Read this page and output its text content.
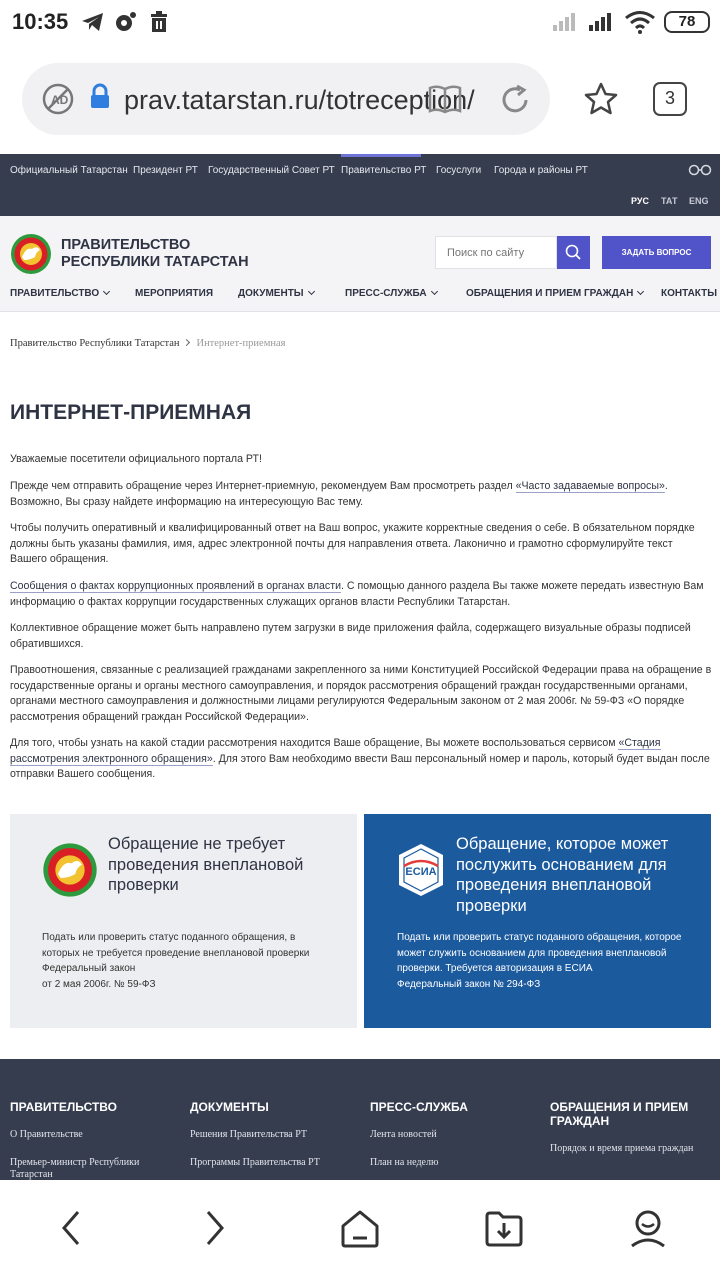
10:35	78
AD prav.tatarstan.ru/totreception/	3
Официальный Татарстан Президент РТ Государственный Совет РТ Правительство РТ Госуслуги Города и районы РТ
РУС ТАТ ENG
ПРАВИТЕЛЬСТВО
РЕСПУБЛИКИ ТАТАРСТАН
Поиск по сайту
ЗАДАТЬ ВОПРОС
ПРАВИТЕЛЬСТВО	МЕРОПРИЯТИЯ ДОКУМЕНТЫ	ПРЕСС-СЛУЖБА	ОБРАЩЕНИЯ И ПРИЕМ ГРАЖДАН	КОНТАКТЫ
Правительство Республики Татарстан Интернет-приемная
ИНТЕРНЕТ-ПРИЕМНАЯ

Уважаемые посетители официального портала РТ!

Прежде чем отправить обращение через Интернет-приемную, рекомендуем Вам просмотреть раздел «Часто задаваемые вопросы». Возможно, Вы сразу найдете информацию на интересующую Вас тему.

Чтобы получить оперативный и квалифицированный ответ на Ваш вопрос, укажите корректные сведения о себе. В обязательном порядке должны быть указаны фамилия, имя, адрес электронной почты для направления ответа. Лаконично и грамотно сформулируйте текст Вашего обращения.

Сообщения о фактах коррупционных проявлений в органах власти. С помощью данного раздела Вы также можете передать известную Вам информацию о фактах коррупции государственных служащих органов власти Республики Татарстан.

Коллективное обращение может быть направлено путем загрузки в виде приложения файла, содержащего визуальные образы подписей обратившихся.

Правоотношения, связанные с реализацией гражданами закрепленного за ними Конституцией Российской Федерации права на обращение в государственные органы и органы местного самоуправления, и порядок рассмотрения обращений граждан государственными органами, органами местного самоуправления и должностными лицами регулируются Федеральным законом от 2 мая 2006г. № 59-ФЗ «О порядке рассмотрения обращений граждан Российской Федерации».

Для того, чтобы узнать на какой стадии рассмотрения находится Ваше обращение, Вы можете воспользоваться сервисом «Стадия рассмотрения электронного обращения». Для этого Вам необходимо ввести Ваш персональный номер и пароль, который будет выдан после отправки Вашего сообщения.

Обращение не требует проведения внеплановой проверки
Подать или проверить статус поданного обращения, в которых не требуется проведение внеплановой проверки
Федеральный закон
от 2 мая 2006г. № 59-ФЗ
ЕСИА
Обращение, которое может послужить основанием для проведения внеплановой проверки
Подать или проверить статус поданного обращения, которое может служить основанием для проведения внеплановой проверки. Требуется авторизация в ЕСИА
Федеральный закон № 294-ФЗ
ПРАВИТЕЛЬСТВО
О Правительстве
Премьер-министр Республики Татарстан
ДОКУМЕНТЫ
Решения Правительства РТ
Программы Правительства РТ
ПРЕСС-СЛУЖБА
Лента новостей
План на неделю
ОБРАЩЕНИЯ И ПРИЕМ ГРАЖДАН
Порядок и время приема граждан
